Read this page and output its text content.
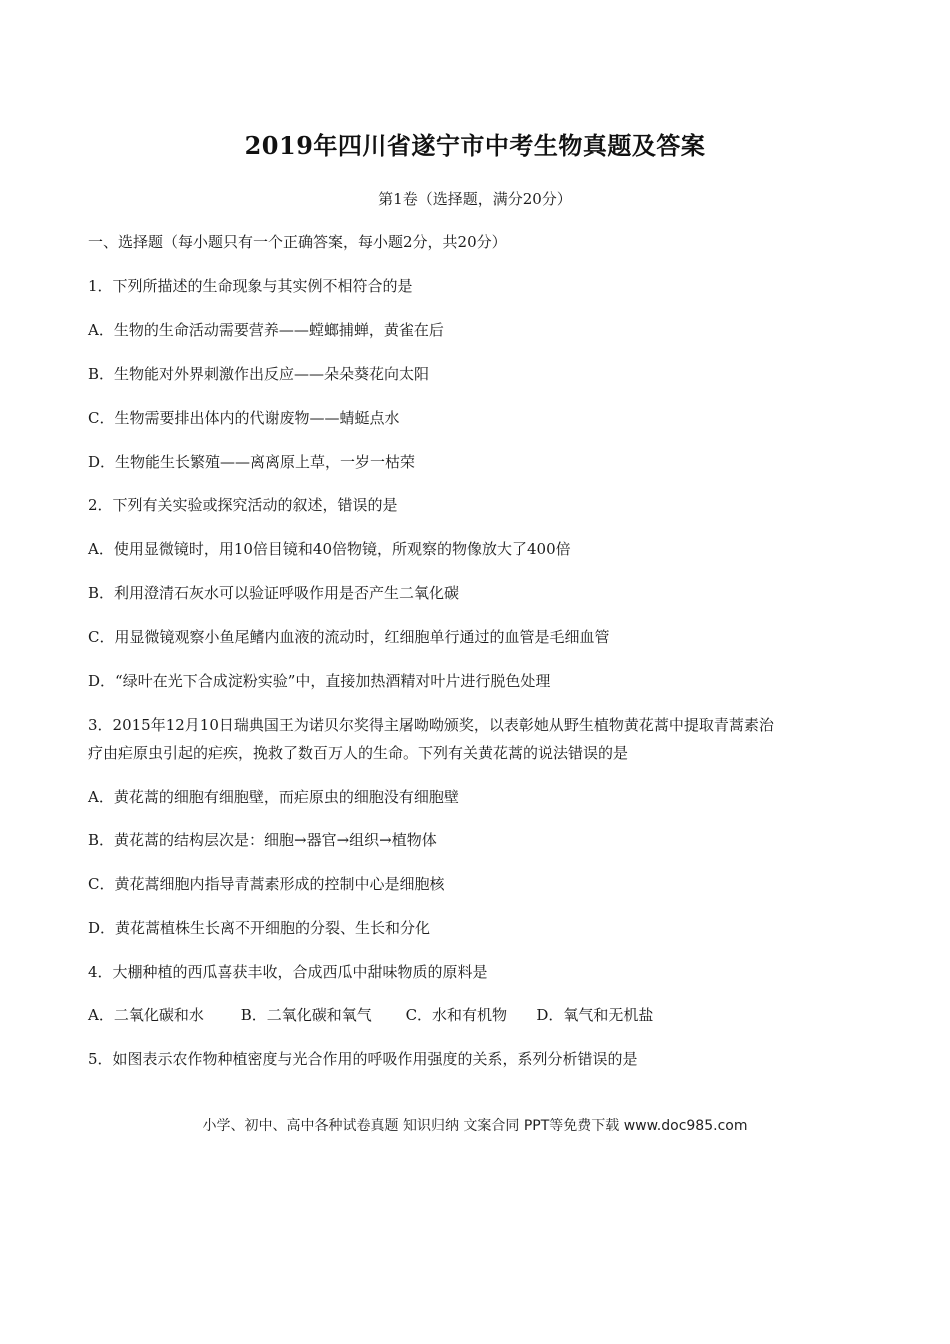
2019年四川省遂宁市中考生物真题及答案
第1卷（选择题，满分20分）
一、选择题（每小题只有一个正确答案，每小题2分，共20分）
1．下列所描述的生命现象与其实例不相符合的是
A．生物的生命活动需要营养——螳螂捕蝉，黄雀在后
B．生物能对外界刺激作出反应——朵朵葵花向太阳
C．生物需要排出体内的代谢废物——蜻蜓点水
D．生物能生长繁殖——离离原上草，一岁一枯荣
2．下列有关实验或探究活动的叙述，错误的是
A．使用显微镜时，用10倍目镜和40倍物镜，所观察的物像放大了400倍
B．利用澄清石灰水可以验证呼吸作用是否产生二氧化碳
C．用显微镜观察小鱼尾鳍内血液的流动时，红细胞单行通过的血管是毛细血管
D．“绿叶在光下合成淀粉实验”中，直接加热酒精对叶片进行脱色处理
3．2015年12月10日瑞典国王为诺贝尔奖得主屠呦呦颁奖，以表彰她从野生植物黄花蒿中提取青蒿素治
疗由疟原虫引起的疟疾，挽救了数百万人的生命。下列有关黄花蒿的说法错误的是
A．黄花蒿的细胞有细胞壁，而疟原虫的细胞没有细胞壁
B．黄花蒿的结构层次是：细胞→器官→组织→植物体
C．黄花蒿细胞内指导青蒿素形成的控制中心是细胞核
D．黄花蒿植株生长离不开细胞的分裂、生长和分化
4．大棚种植的西瓜喜获丰收，合成西瓜中甜味物质的原料是
A．二氧化碳和水 B．二氧化碳和氧气 C．水和有机物 D．氧气和无机盐
5．如图表示农作物种植密度与光合作用的呼吸作用强度的关系，系列分析错误的是
小学、初中、高中各种试卷真题 知识归纳 文案合同 PPT等免费下载 www.doc985.com
